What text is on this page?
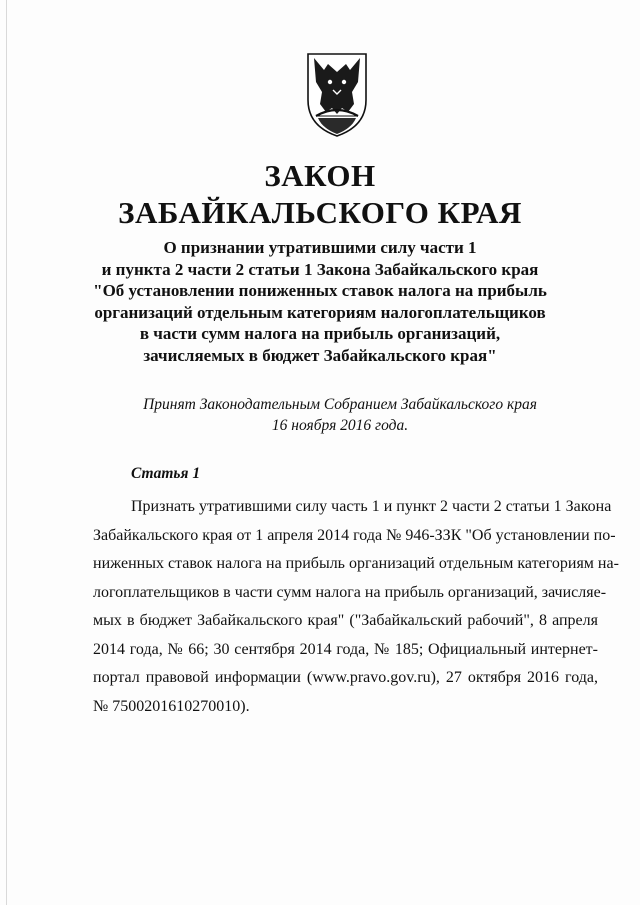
ЗАКОН
ЗАБАЙКАЛЬСКОГО КРАЯ
О признании утратившими силу части 1
и пункта 2 части 2 статьи 1 Закона Забайкальского края
"Об установлении пониженных ставок налога на прибыль
организаций отдельным категориям налогоплательщиков
в части сумм налога на прибыль организаций,
зачисляемых в бюджет Забайкальского края"
Принят Законодательным Собранием Забайкальского края
16 ноября 2016 года.
Статья 1
Признать утратившими силу часть 1 и пункт 2 части 2 статьи 1 Закона
Забайкальского края от 1 апреля 2014 года № 946-ЗЗК "Об установлении по-
ниженных ставок налога на прибыль организаций отдельным категориям на-
логоплательщиков в части сумм налога на прибыль организаций, зачисляе-
мых в бюджет Забайкальского края" ("Забайкальский рабочий", 8 апреля
2014 года, № 66; 30 сентября 2014 года, № 185; Официальный интернет-
портал правовой информации (www.pravo.gov.ru), 27 октября 2016 года,
№ 7500201610270010).
